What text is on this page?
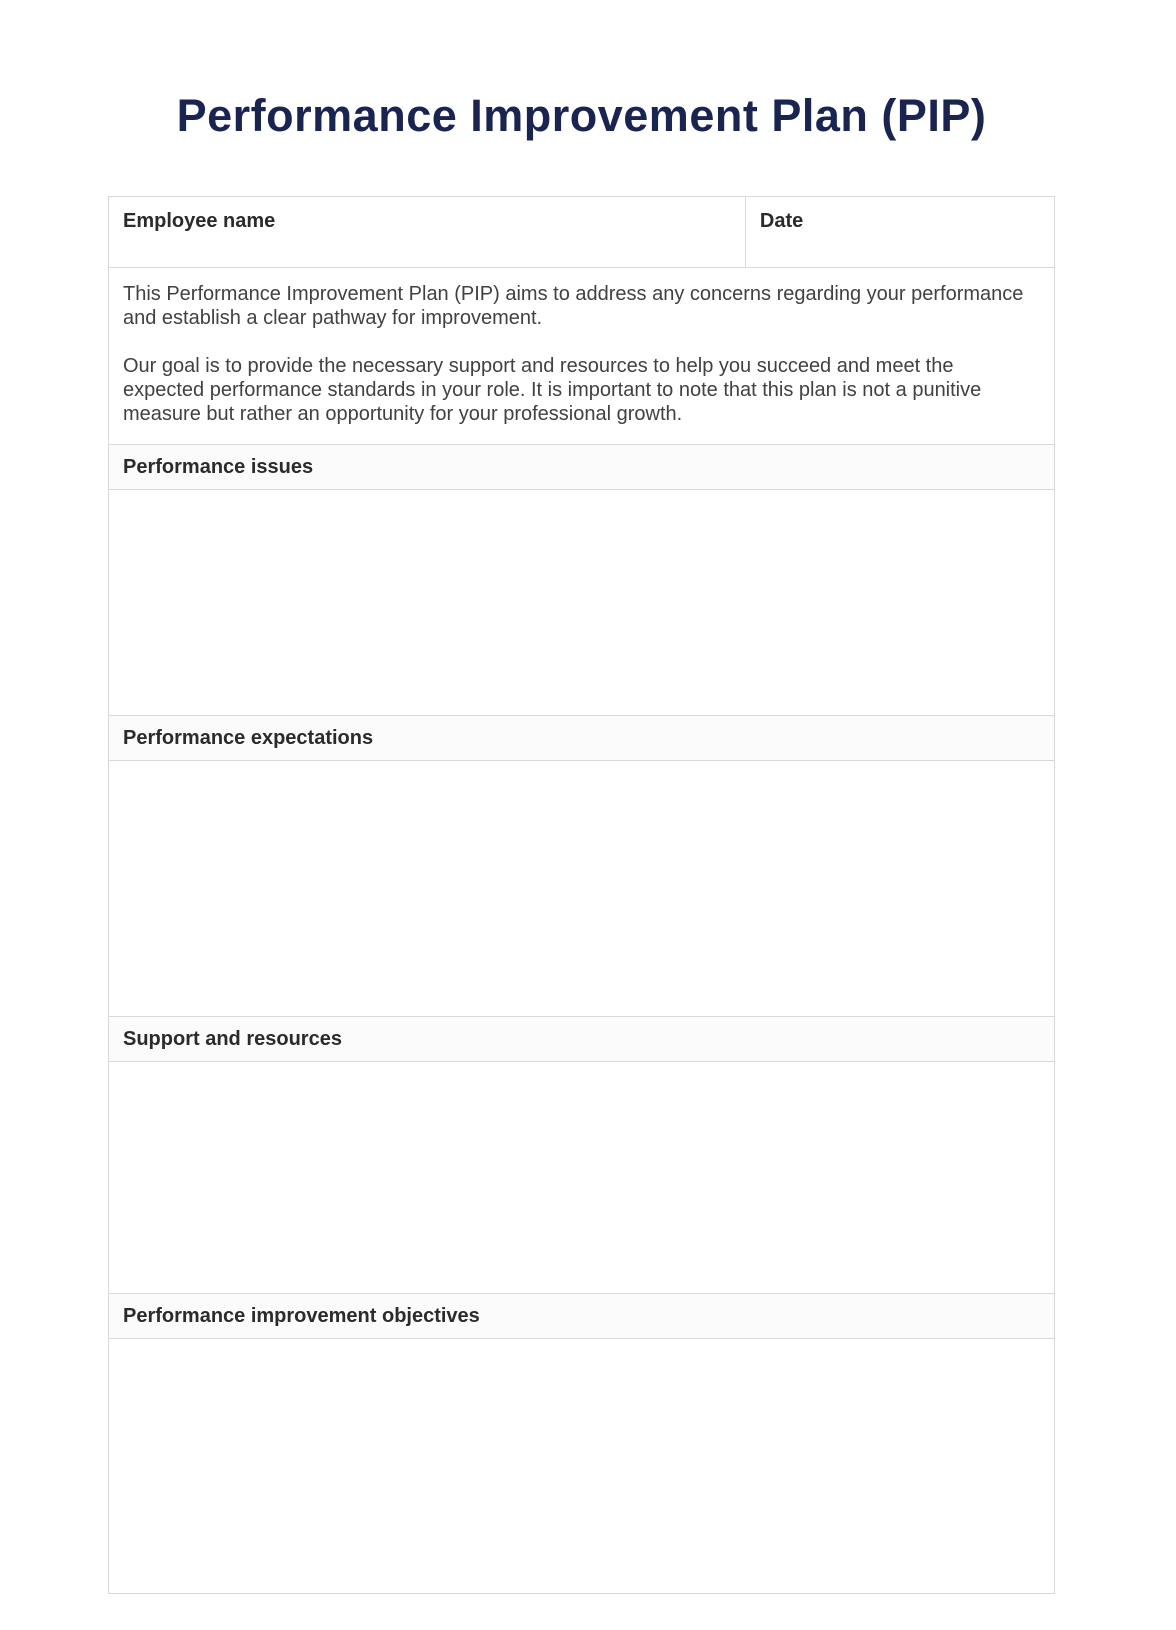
Performance Improvement Plan (PIP)
Employee name	Date

This Performance Improvement Plan (PIP) aims to address any concerns regarding your performance and establish a clear pathway for improvement.

Our goal is to provide the necessary support and resources to help you succeed and meet the expected performance standards in your role. It is important to note that this plan is not a punitive measure but rather an opportunity for your professional growth.

Performance issues
Performance expectations
Support and resources
Performance improvement objectives
